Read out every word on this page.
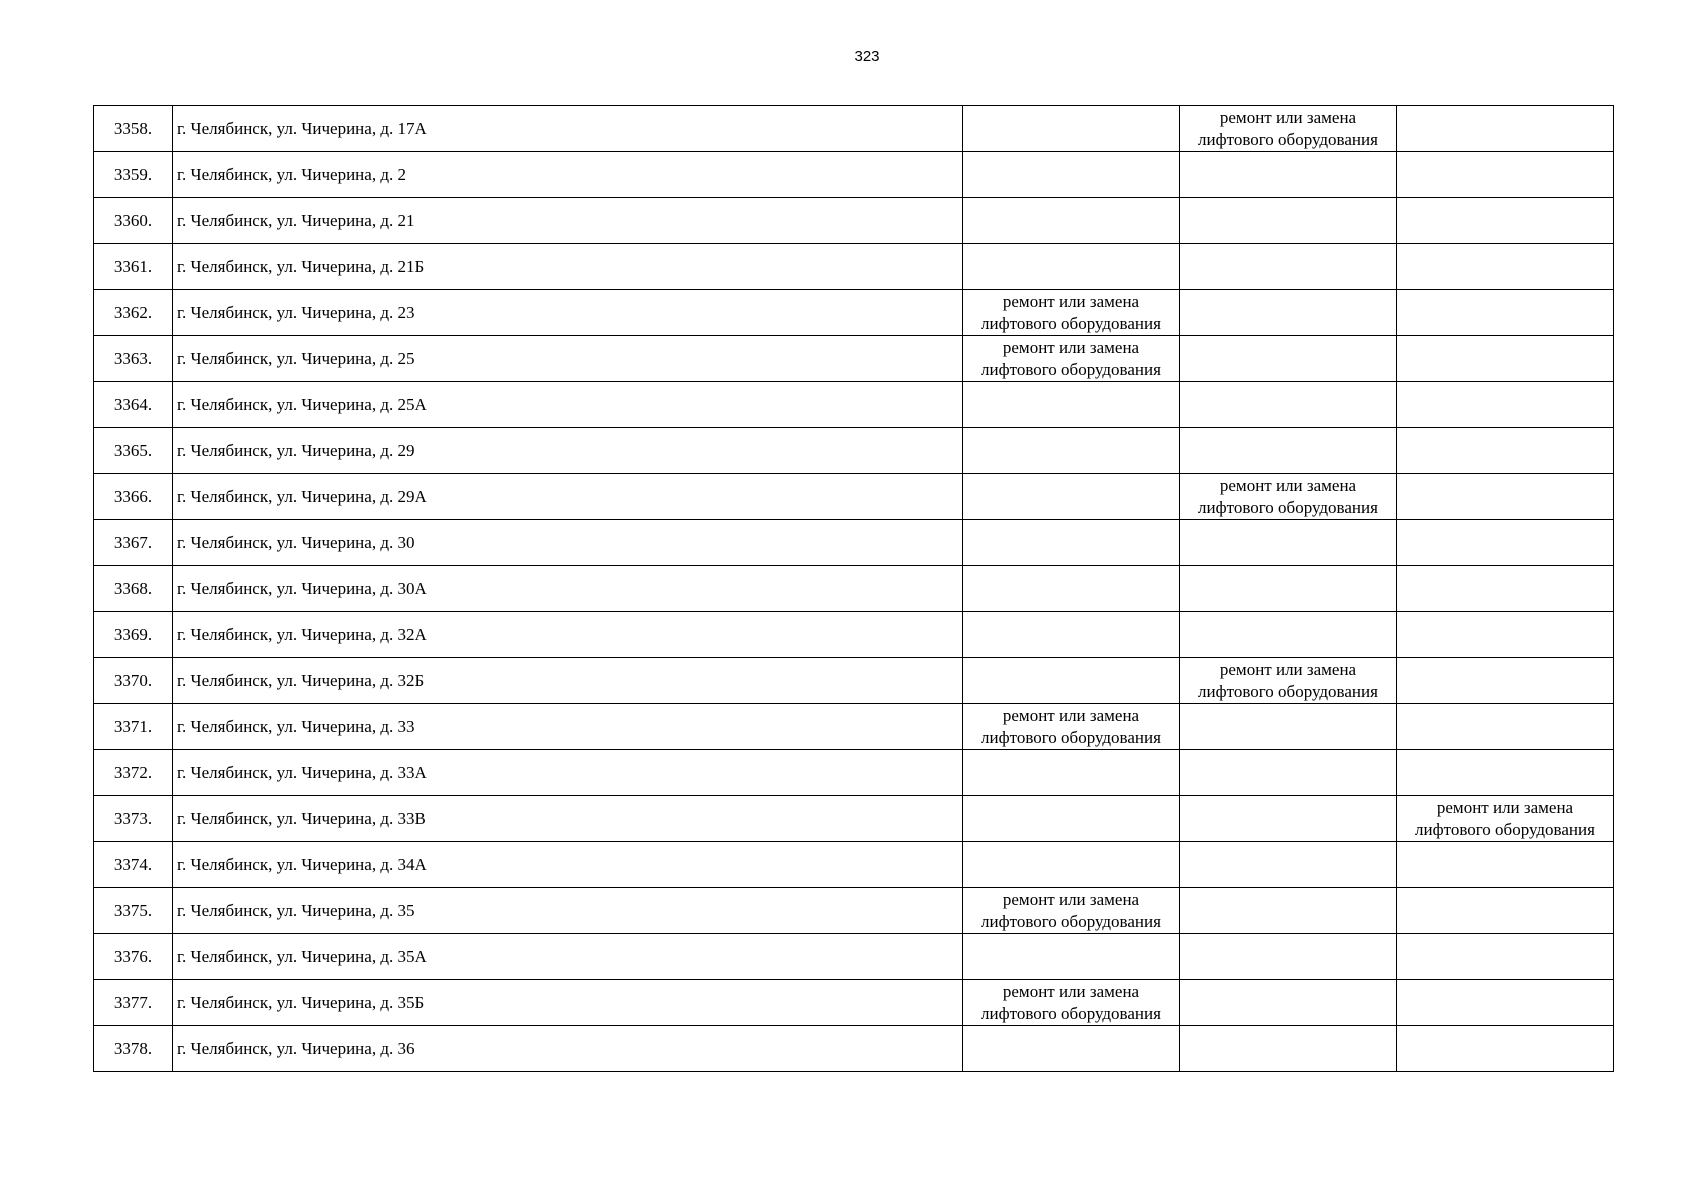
323
3358.	г. Челябинск, ул. Чичерина, д. 17А		ремонт или замена лифтового оборудования	
3359.	г. Челябинск, ул. Чичерина, д. 2			
3360.	г. Челябинск, ул. Чичерина, д. 21			
3361.	г. Челябинск, ул. Чичерина, д. 21Б			
3362.	г. Челябинск, ул. Чичерина, д. 23	ремонт или замена лифтового оборудования		
3363.	г. Челябинск, ул. Чичерина, д. 25	ремонт или замена лифтового оборудования		
3364.	г. Челябинск, ул. Чичерина, д. 25А			
3365.	г. Челябинск, ул. Чичерина, д. 29			
3366.	г. Челябинск, ул. Чичерина, д. 29А		ремонт или замена лифтового оборудования	
3367.	г. Челябинск, ул. Чичерина, д. 30			
3368.	г. Челябинск, ул. Чичерина, д. 30А			
3369.	г. Челябинск, ул. Чичерина, д. 32А			
3370.	г. Челябинск, ул. Чичерина, д. 32Б		ремонт или замена лифтового оборудования	
3371.	г. Челябинск, ул. Чичерина, д. 33	ремонт или замена лифтового оборудования		
3372.	г. Челябинск, ул. Чичерина, д. 33А			
3373.	г. Челябинск, ул. Чичерина, д. 33В			ремонт или замена лифтового оборудования
3374.	г. Челябинск, ул. Чичерина, д. 34А			
3375.	г. Челябинск, ул. Чичерина, д. 35	ремонт или замена лифтового оборудования		
3376.	г. Челябинск, ул. Чичерина, д. 35А			
3377.	г. Челябинск, ул. Чичерина, д. 35Б	ремонт или замена лифтового оборудования		
3378.	г. Челябинск, ул. Чичерина, д. 36			
